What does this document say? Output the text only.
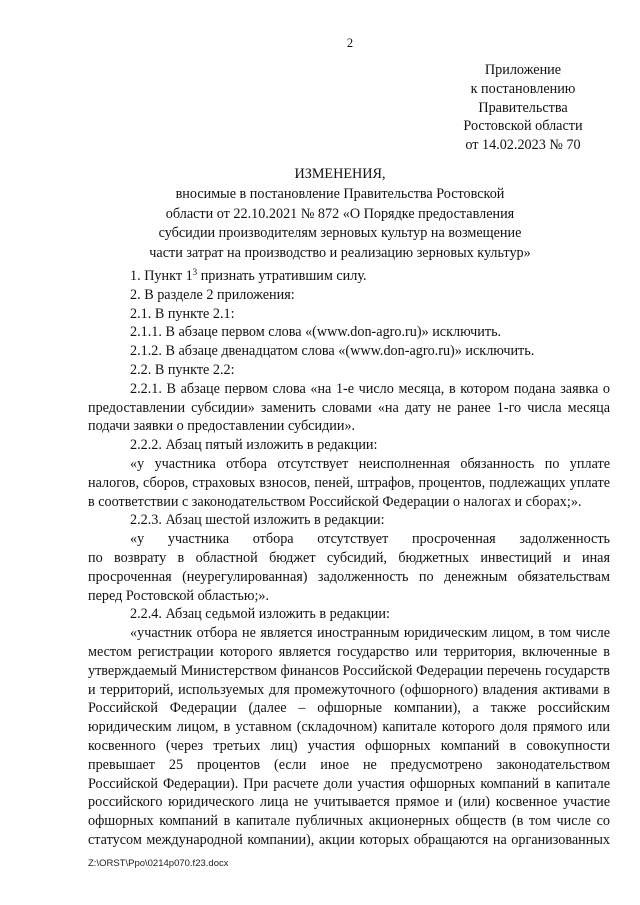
2
Приложение
к постановлению
Правительства
Ростовской области
от 14.02.2023 № 70
ИЗМЕНЕНИЯ,
вносимые в постановление Правительства Ростовской
области от 22.10.2021 № 872 «О Порядке предоставления
субсидии производителям зерновых культур на возмещение
части затрат на производство и реализацию зерновых культур»

1. Пункт $1^3$ признать утратившим силу.

2. В разделе 2 приложения:

2.1. В пункте 2.1:

2.1.1. В абзаце первом слова «(www.don-agro.ru)» исключить.

2.1.2. В абзаце двенадцатом слова «(www.don-agro.ru)» исключить.

2.2. В пункте 2.2:

2.2.1. В абзаце первом слова «на 1-е число месяца, в котором подана заявка о предоставлении субсидии» заменить словами «на дату не ранее 1-го числа месяца подачи заявки о предоставлении субсидии».

2.2.2. Абзац пятый изложить в редакции:

«у участника отбора отсутствует неисполненная обязанность по уплате налогов, сборов, страховых взносов, пеней, штрафов, процентов, подлежащих уплате в соответствии с законодательством Российской Федерации о налогах и сборах;».

2.2.3. Абзац шестой изложить в редакции:

«у участника отбора отсутствует просроченная задолженность

по возврату в областной бюджет субсидий, бюджетных инвестиций и иная просроченная (неурегулированная) задолженность по денежным обязательствам перед Ростовской областью;».

2.2.4. Абзац седьмой изложить в редакции:

«участник отбора не является иностранным юридическим лицом, в том числе местом регистрации которого является государство или территория, включенные в утверждаемый Министерством финансов Российской Федерации перечень государств и территорий, используемых для промежуточного (офшорного) владения активами в Российской Федерации (далее – офшорные компании), а также российским юридическим лицом, в уставном (складочном) капитале которого доля прямого или косвенного (через третьих лиц) участия офшорных компаний в совокупности превышает 25 процентов (если иное не предусмотрено законодательством Российской Федерации). При расчете доли участия офшорных компаний в капитале российского юридического лица не учитывается прямое и (или) косвенное участие офшорных компаний в капитале публичных акционерных обществ (в том числе со статусом международной компании), акции которых обращаются на организованных

Z:\ORST\Ppo\0214p070.f23.docx
